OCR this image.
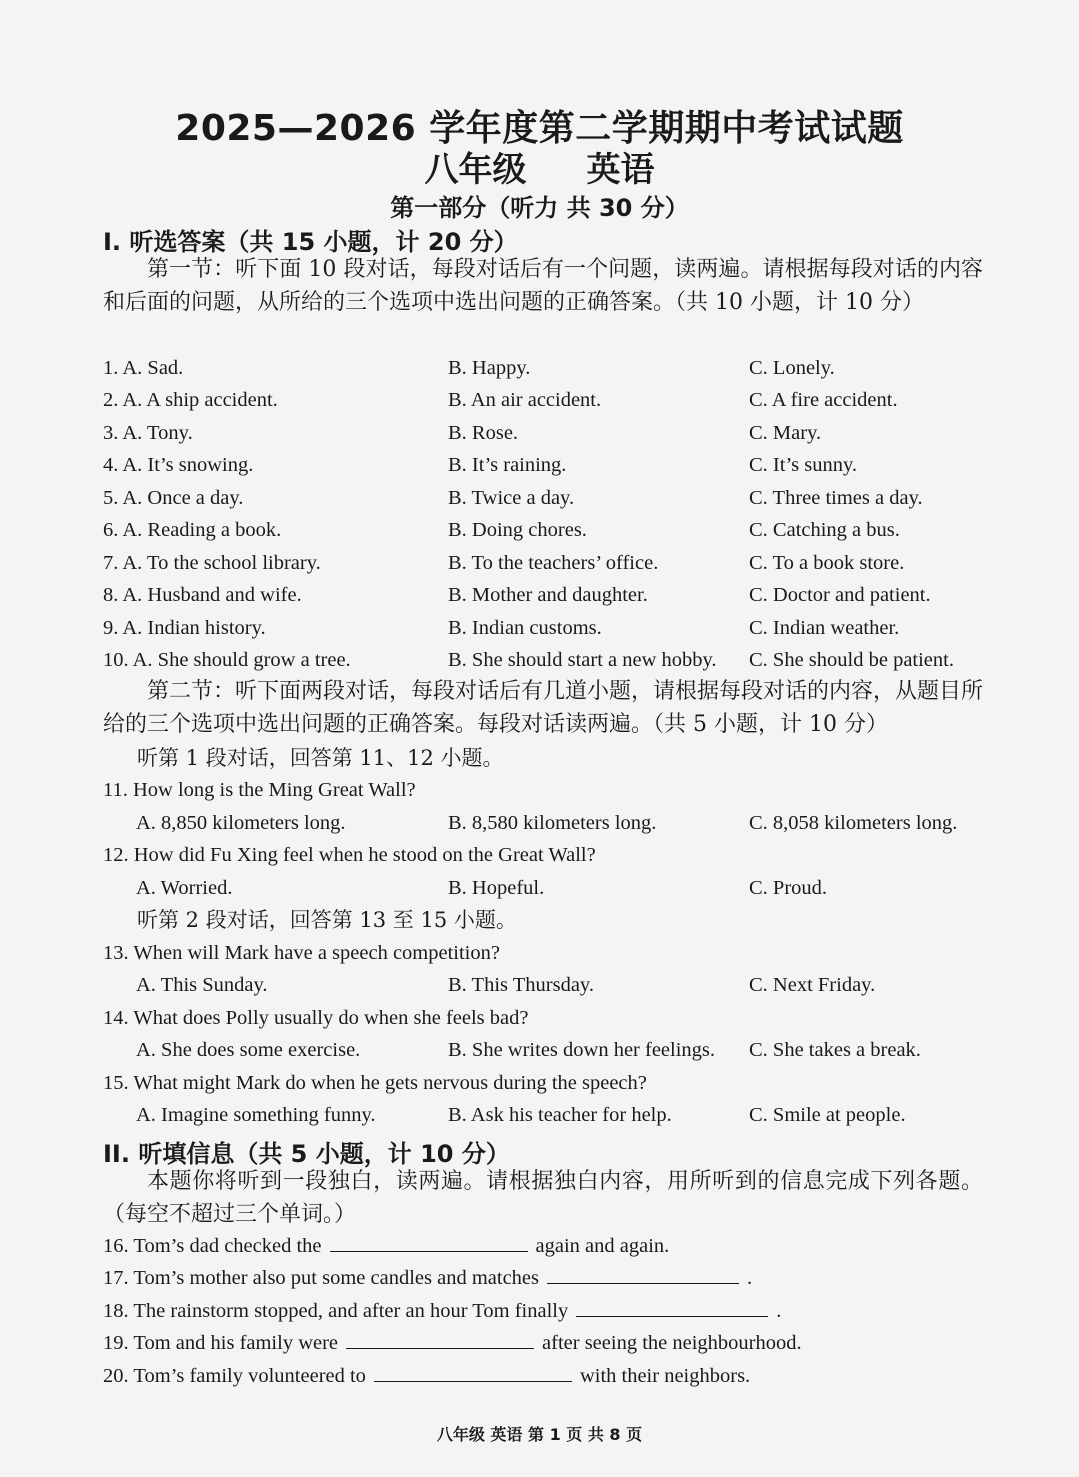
2025—2026 学年度第二学期期中考试试题
八年级 英语
第一部分（听力 共 30 分）
I. 听选答案（共 15 小题，计 20 分）
第一节：听下面 10 段对话，每段对话后有一个问题，读两遍。请根据每段对话的内容和后面的问题，从所给的三个选项中选出问题的正确答案。（共 10 小题，计 10 分）
1. A. Sad.	B. Happy.	C. Lonely.
2. A. A ship accident.	B. An air accident.	C. A fire accident.
3. A. Tony.	B. Rose.	C. Mary.
4. A. It’s snowing.	B. It’s raining.	C. It’s sunny.
5. A. Once a day.	B. Twice a day.	C. Three times a day.
6. A. Reading a book.	B. Doing chores.	C. Catching a bus.
7. A. To the school library.	B. To the teachers’ office.	C. To a book store.
8. A. Husband and wife.	B. Mother and daughter.	C. Doctor and patient.
9. A. Indian history.	B. Indian customs.	C. Indian weather.
10. A. She should grow a tree.	B. She should start a new hobby. C. She should be patient.
第二节：听下面两段对话，每段对话后有几道小题，请根据每段对话的内容，从题目所给的三个选项中选出问题的正确答案。每段对话读两遍。（共 5 小题，计 10 分）
听第 1 段对话，回答第 11、12 小题。
11. How long is the Ming Great Wall?
A. 8,850 kilometers long.	B. 8,580 kilometers long.	C. 8,058 kilometers long.
12. How did Fu Xing feel when he stood on the Great Wall?
A. Worried.	B. Hopeful.	C. Proud.
听第 2 段对话，回答第 13 至 15 小题。
13. When will Mark have a speech competition?
A. This Sunday.	B. This Thursday.	C. Next Friday.
14. What does Polly usually do when she feels bad?
A. She does some exercise.	B. She writes down her feelings. C. She takes a break.
15. What might Mark do when he gets nervous during the speech?
A. Imagine something funny.	B. Ask his teacher for help.	C. Smile at people.
II. 听填信息（共 5 小题，计 10 分）
本题你将听到一段独白，读两遍。请根据独白内容，用所听到的信息完成下列各题。（每空不超过三个单词。）
16. Tom’s dad checked the	again and again.
17. Tom’s mother also put some candles and matches	.
18. The rainstorm stopped, and after an hour Tom finally	.
19. Tom and his family were	after seeing the neighbourhood.
20. Tom’s family volunteered to	with their neighbors.
八年级 英语 第 1 页 共 8 页
